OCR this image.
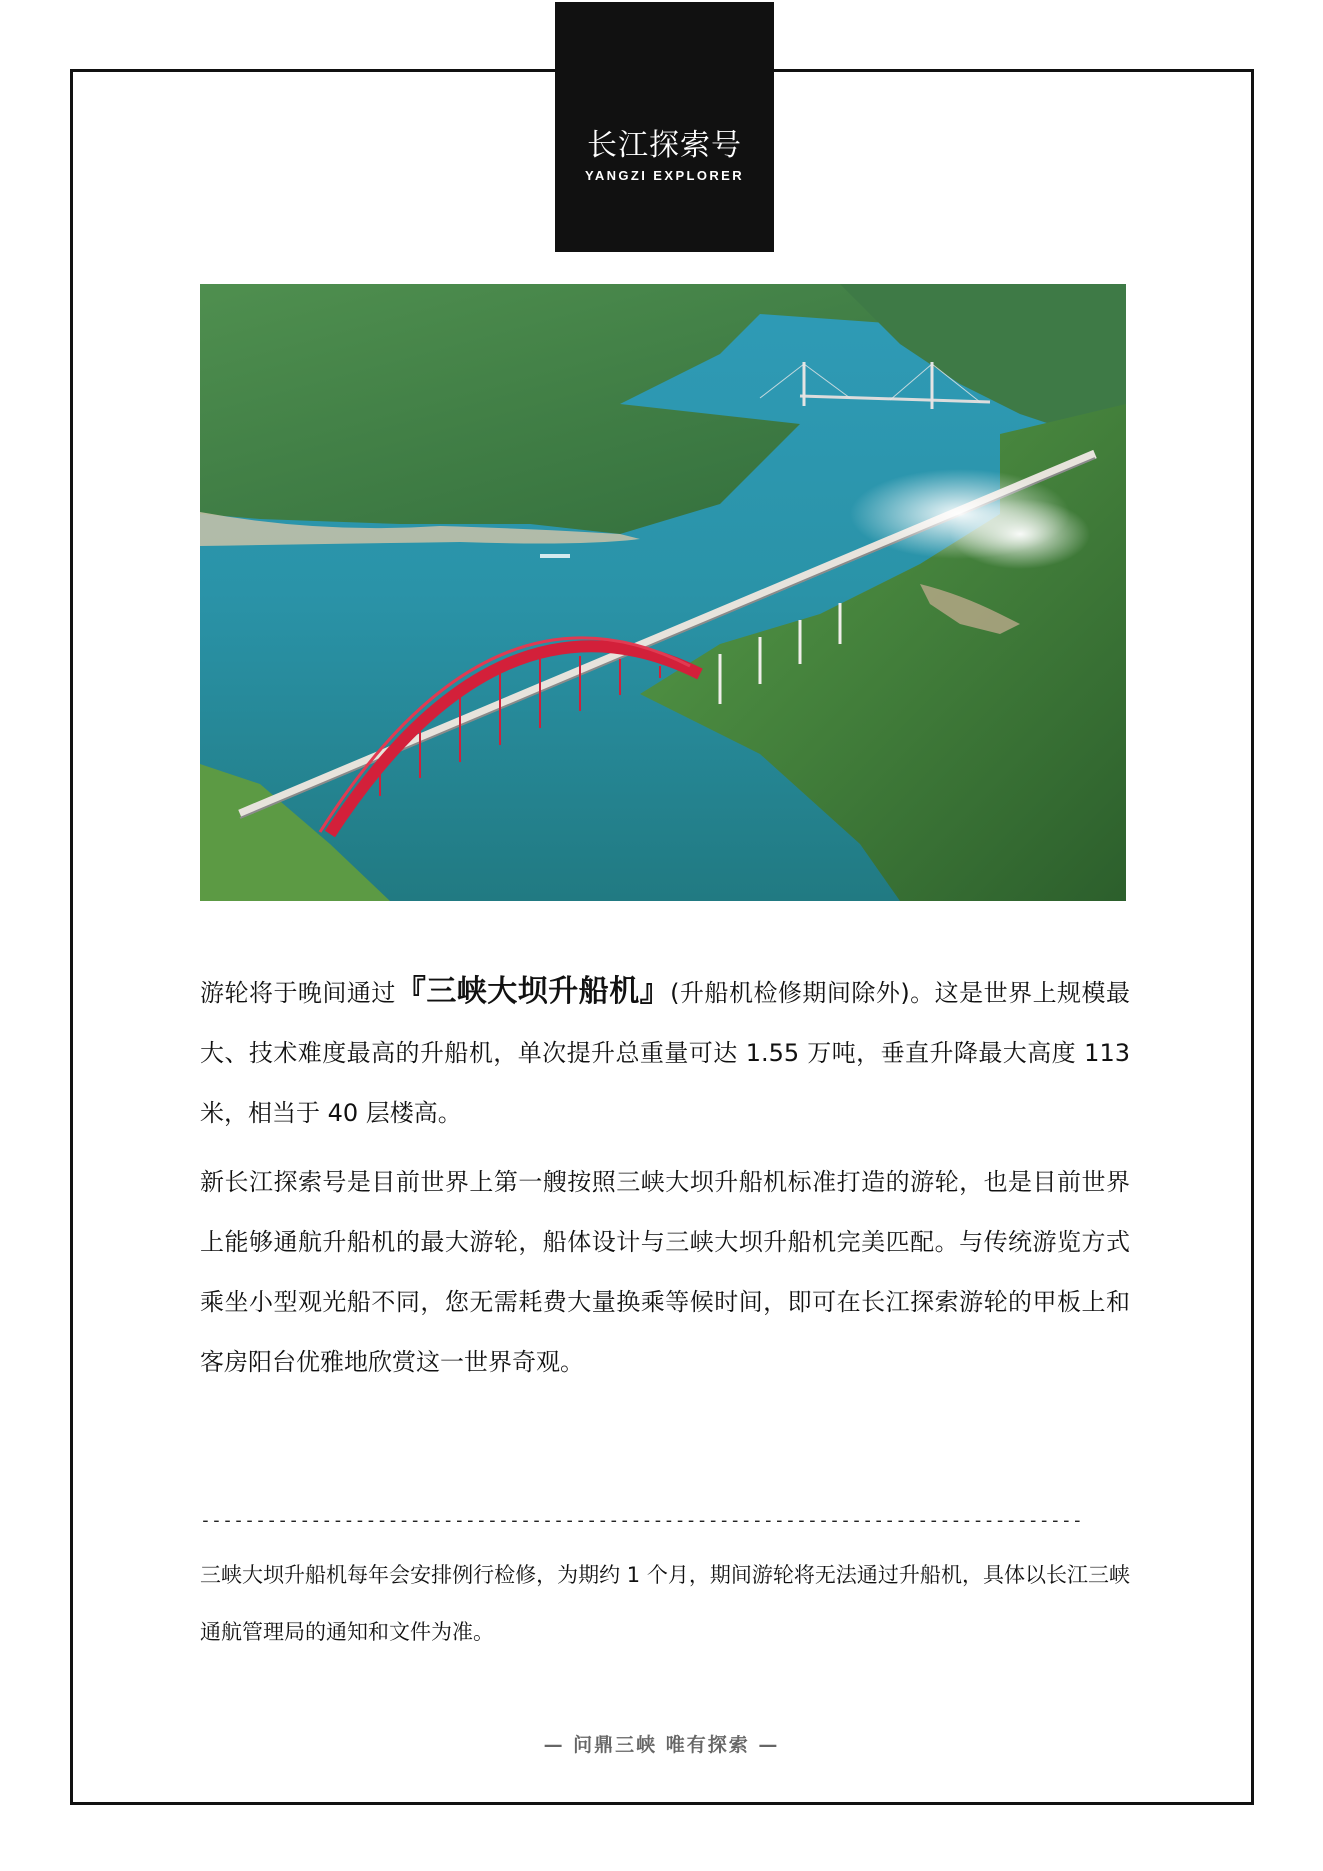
长江探索号
YANGZI EXPLORER

游轮将于晚间通过『三峡大坝升船机』(升船机检修期间除外)。这是世界上规模最大、技术难度最高的升船机，单次提升总重量可达 1.55 万吨，垂直升降最大高度 113 米，相当于 40 层楼高。

新长江探索号是目前世界上第一艘按照三峡大坝升船机标准打造的游轮，也是目前世界上能够通航升船机的最大游轮，船体设计与三峡大坝升船机完美匹配。与传统游览方式乘坐小型观光船不同，您无需耗费大量换乘等候时间，即可在长江探索游轮的甲板上和客房阳台优雅地欣赏这一世界奇观。

--------------------------------------------------------------------------------

三峡大坝升船机每年会安排例行检修，为期约 1 个月，期间游轮将无法通过升船机，具体以长江三峡通航管理局的通知和文件为准。

— 问鼎三峡 唯有探索 —
